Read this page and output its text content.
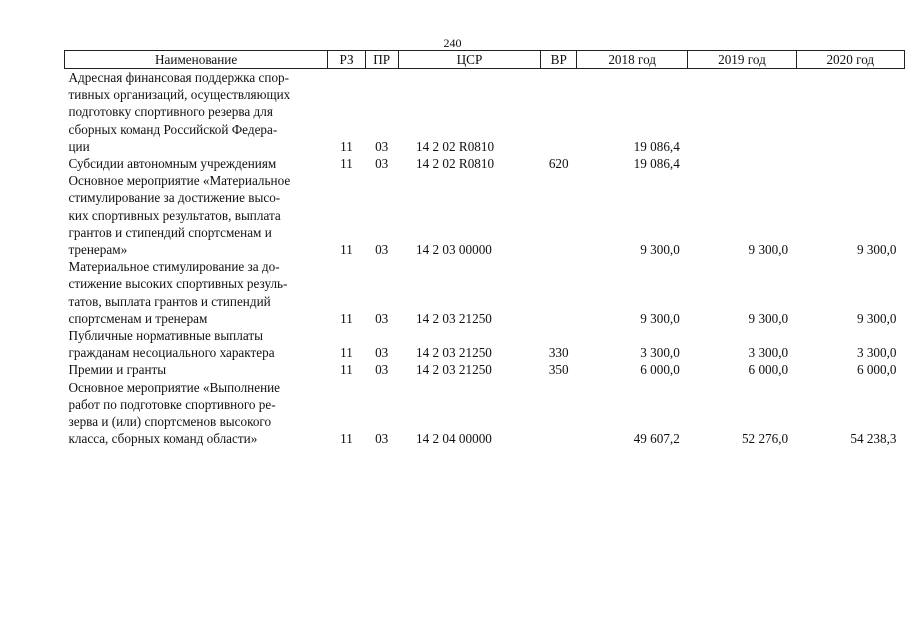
240
Наименование	РЗ	ПР	ЦСР	ВР	2018 год	2019 год	2020 год
Адресная финансовая поддержка спор-
тивных организаций, осуществляющих
подготовку спортивного резерва для
сборных команд Российской Федера-
ции	11	03	14 2 02 R0810		19 086,4		
Субсидии автономным учреждениям	11	03	14 2 02 R0810	620	19 086,4		
Основное мероприятие «Материальное
стимулирование за достижение высо-
ких спортивных результатов, выплата
грантов и стипендий спортсменам и
тренерам»	11	03	14 2 03 00000		9 300,0	9 300,0	9 300,0
Материальное стимулирование за до-
стижение высоких спортивных резуль-
татов, выплата грантов и стипендий
спортсменам и тренерам	11	03	14 2 03 21250		9 300,0	9 300,0	9 300,0
Публичные нормативные выплаты
гражданам несоциального характера	11	03	14 2 03 21250	330	3 300,0	3 300,0	3 300,0
Премии и гранты	11	03	14 2 03 21250	350	6 000,0	6 000,0	6 000,0
Основное мероприятие «Выполнение
работ по подготовке спортивного ре-
зерва и (или) спортсменов высокого
класса, сборных команд области»	11	03	14 2 04 00000		49 607,2	52 276,0	54 238,3
